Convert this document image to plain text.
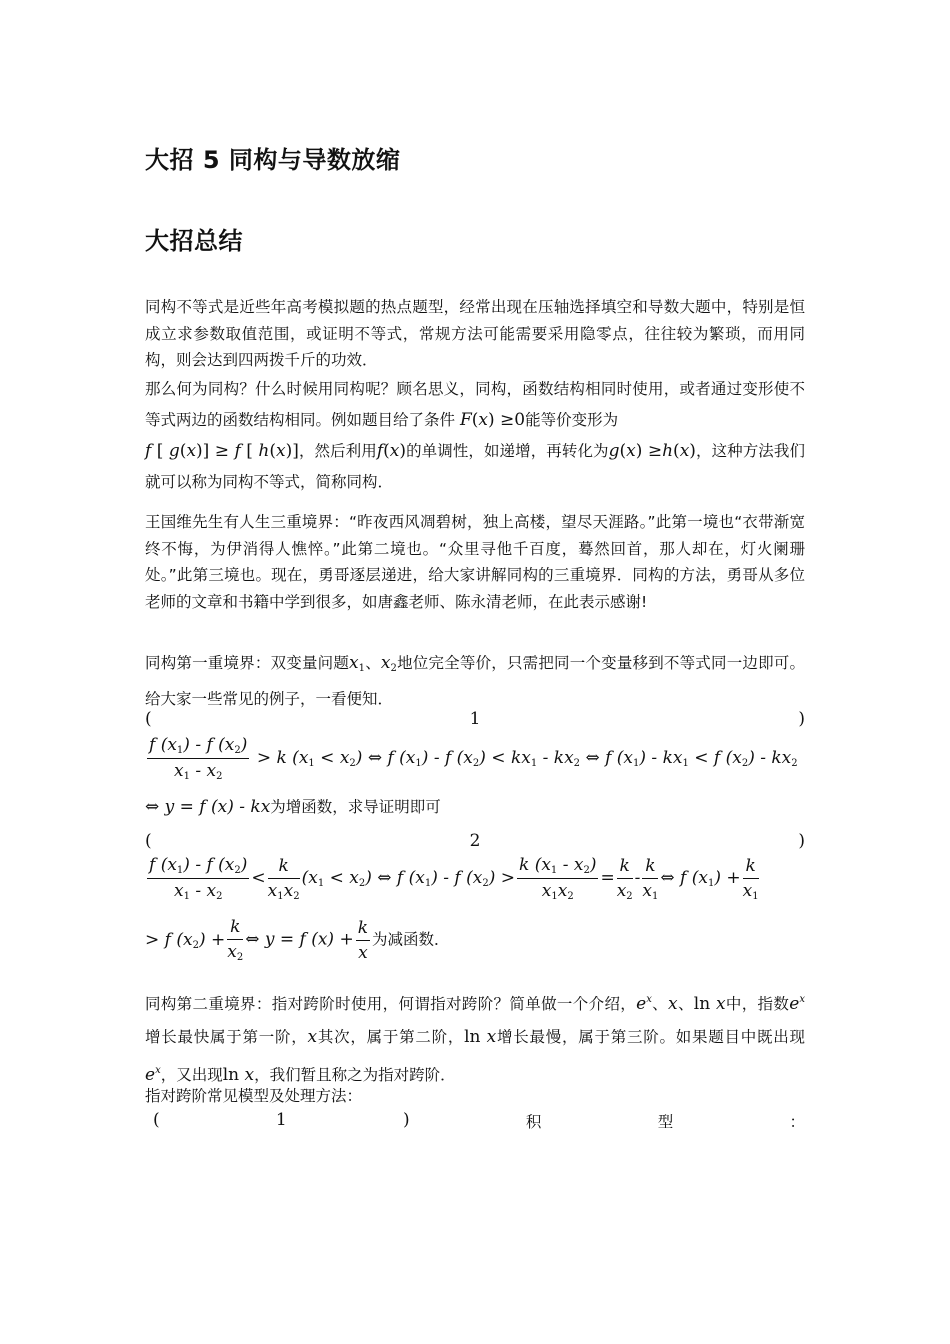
大招 5 同构与导数放缩
大招总结
同构不等式是近些年高考模拟题的热点题型，经常出现在压轴选择填空和导数大题中，特别是恒成立求参数取值范围，或证明不等式，常规方法可能需要采用隐零点，往往较为繁琐，而用同构，则会达到四两拨千斤的功效．
那么何为同构？什么时候用同构呢？顾名思义，同构，函数结构相同时使用，或者通过变形使不等式两边的函数结构相同。例如题目给了条件 F(x) ≥0能等价变形为
f [ g(x)] ≥ f [ h(x)]，然后利用f(x)的单调性，如递增，再转化为g(x) ≥h(x)，这种方法我们就可以称为同构不等式，简称同构．
王国维先生有人生三重境界：“昨夜西风凋碧树，独上高楼，望尽天涯路。”此第一境也“衣带渐宽终不悔，为伊消得人憔悴。”此第二境也。“众里寻他千百度，蓦然回首，那人却在，灯火阑珊处。”此第三境也。现在，勇哥逐层递进，给大家讲解同构的三重境界．同构的方法，勇哥从多位老师的文章和书籍中学到很多，如唐鑫老师、陈永清老师，在此表示感谢!
同构第一重境界：双变量问题$x_1$、$x_2$地位完全等价，只需把同一个变量移到不等式同一边即可。给大家一些常见的例子，一看便知．
(	1	)
$\frac{f (x_1) - f (x_2)}{x_1 - x_2} > k$ $(x_1 < x_2)$ ⇔ f $(x_1)$ - f $(x_2) < kx_1 - kx_2$ ⇔ f $(x_1) - kx_1 < f$ $(x_2) - kx_2$
⇔ y = f (x) - kx为增函数，求导证明即可
(	2	)
$\frac{f (x_1) - f (x_2)}{x_1 - x_2} < \frac{k}{x_1x_2} (x_1 < x_2)$ ⇔ f $(x_1)$ - f $(x_2) > \frac{k (x_1 - x_2)}{x_1x_2} = \frac{k}{x_2} - \frac{k}{x_1}$ ⇔ f $(x_1) + \frac{k}{x_1}$
> f $(x_2) + \frac{k}{x_2}$ ⇔ y = f $(x) + \frac{k}{x}$ 为减函数．
同构第二重境界：指对跨阶时使用，何谓指对跨阶？简单做一个介绍，$e^x$、x、ln x中，指数$e^x$增长最快属于第一阶，x其次，属于第二阶，ln x增长最慢，属于第三阶。如果题目中既出现$e^x$，又出现ln x，我们暂且称之为指对跨阶．
指对跨阶常见模型及处理方法：
(	1	)	积	型	：
